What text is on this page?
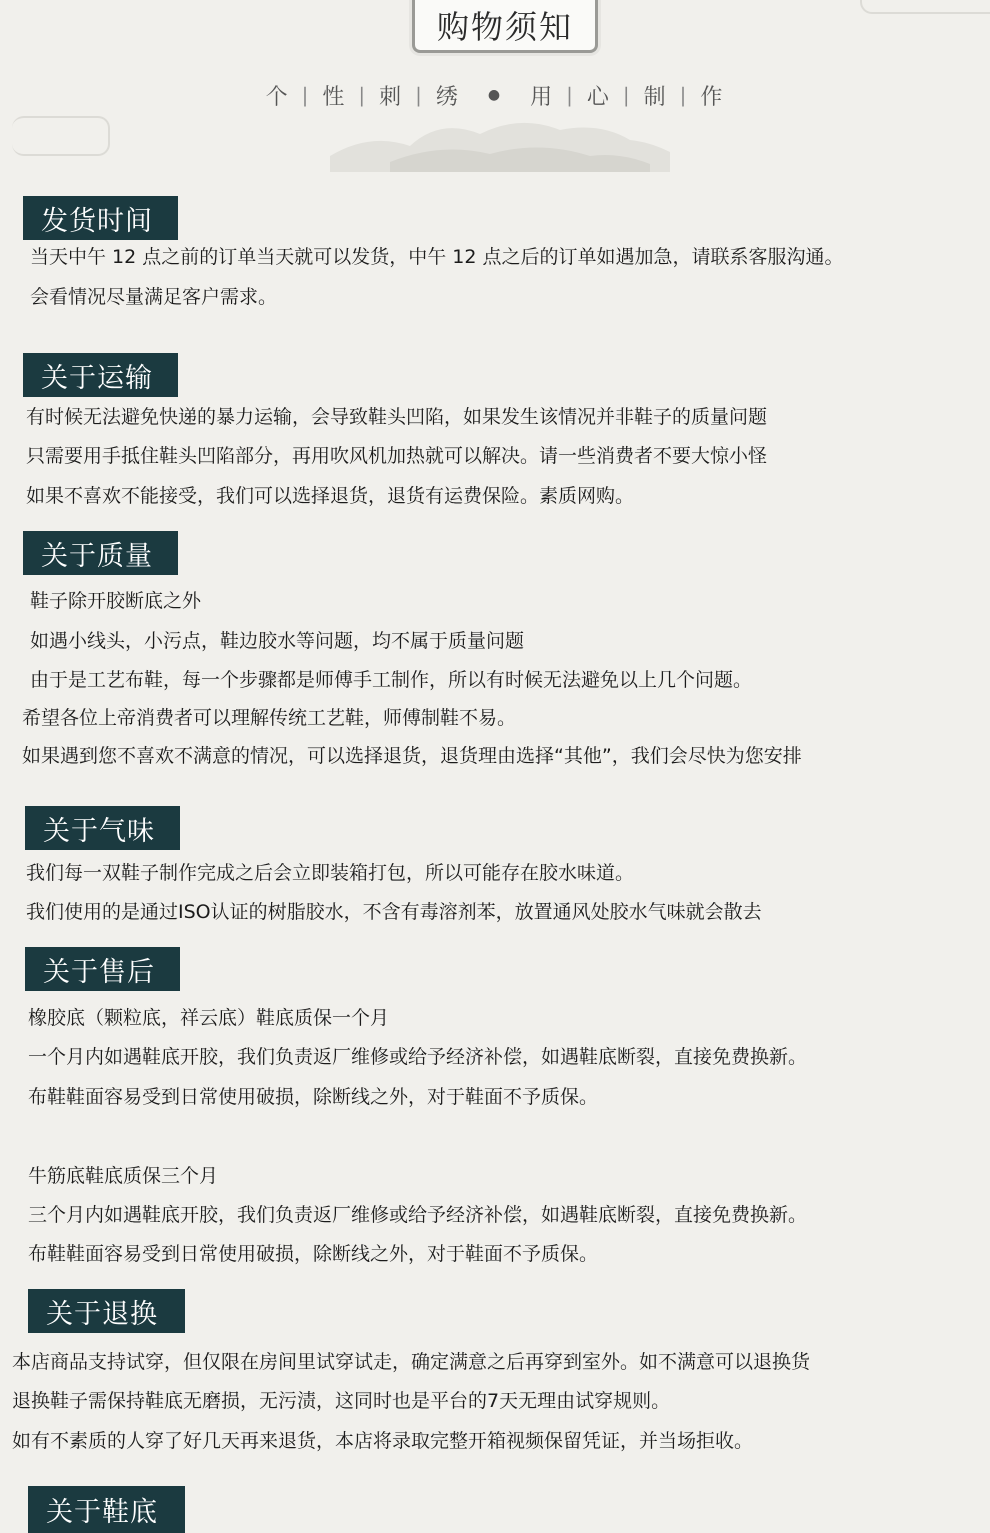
购物须知
个 | 性 | 刺 | 绣 ● 用 | 心 | 制 | 作
发货时间
当天中午 12 点之前的订单当天就可以发货，中午 12 点之后的订单如遇加急，请联系客服沟通。
会看情况尽量满足客户需求。
关于运输
有时候无法避免快递的暴力运输，会导致鞋头凹陷，如果发生该情况并非鞋子的质量问题
只需要用手抵住鞋头凹陷部分，再用吹风机加热就可以解决。请一些消费者不要大惊小怪
如果不喜欢不能接受，我们可以选择退货，退货有运费保险。素质网购。
关于质量
鞋子除开胶断底之外
如遇小线头，小污点，鞋边胶水等问题，均不属于质量问题
由于是工艺布鞋，每一个步骤都是师傅手工制作，所以有时候无法避免以上几个问题。
希望各位上帝消费者可以理解传统工艺鞋，师傅制鞋不易。
如果遇到您不喜欢不满意的情况，可以选择退货，退货理由选择“其他”，我们会尽快为您安排
关于气味
我们每一双鞋子制作完成之后会立即装箱打包，所以可能存在胶水味道。
我们使用的是通过ISO认证的树脂胶水，不含有毒溶剂苯，放置通风处胶水气味就会散去
关于售后
橡胶底（颗粒底，祥云底）鞋底质保一个月
一个月内如遇鞋底开胶，我们负责返厂维修或给予经济补偿，如遇鞋底断裂，直接免费换新。
布鞋鞋面容易受到日常使用破损，除断线之外，对于鞋面不予质保。
牛筋底鞋底质保三个月
三个月内如遇鞋底开胶，我们负责返厂维修或给予经济补偿，如遇鞋底断裂，直接免费换新。
布鞋鞋面容易受到日常使用破损，除断线之外，对于鞋面不予质保。
关于退换
本店商品支持试穿，但仅限在房间里试穿试走，确定满意之后再穿到室外。如不满意可以退换货
退换鞋子需保持鞋底无磨损，无污渍，这同时也是平台的7天无理由试穿规则。
如有不素质的人穿了好几天再来退货，本店将录取完整开箱视频保留凭证，并当场拒收。
关于鞋底
